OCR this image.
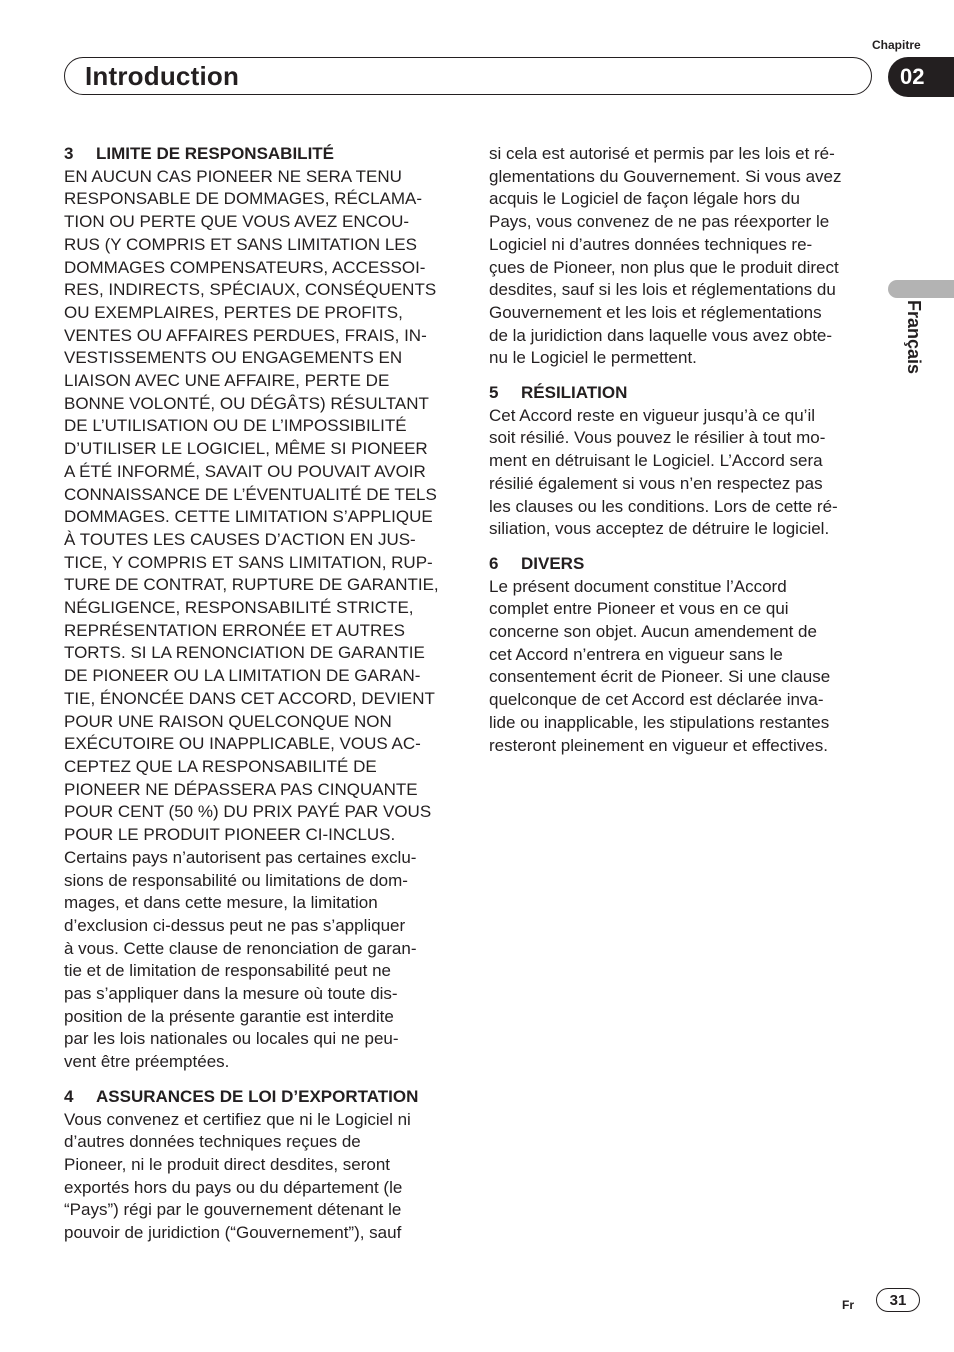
Chapitre
Introduction	02
Français
3 LIMITE DE RESPONSABILITÉ

EN AUCUN CAS PIONEER NE SERA TENU
RESPONSABLE DE DOMMAGES, RÉCLAMA-
TION OU PERTE QUE VOUS AVEZ ENCOU-
RUS (Y COMPRIS ET SANS LIMITATION LES
DOMMAGES COMPENSATEURS, ACCESSOI-
RES, INDIRECTS, SPÉCIAUX, CONSÉQUENTS
OU EXEMPLAIRES, PERTES DE PROFITS,
VENTES OU AFFAIRES PERDUES, FRAIS, IN-
VESTISSEMENTS OU ENGAGEMENTS EN
LIAISON AVEC UNE AFFAIRE, PERTE DE
BONNE VOLONTÉ, OU DÉGÂTS) RÉSULTANT
DE L’UTILISATION OU DE L’IMPOSSIBILITÉ
D’UTILISER LE LOGICIEL, MÊME SI PIONEER
A ÉTÉ INFORMÉ, SAVAIT OU POUVAIT AVOIR
CONNAISSANCE DE L’ÉVENTUALITÉ DE TELS
DOMMAGES. CETTE LIMITATION S’APPLIQUE
À TOUTES LES CAUSES D’ACTION EN JUS-
TICE, Y COMPRIS ET SANS LIMITATION, RUP-
TURE DE CONTRAT, RUPTURE DE GARANTIE,
NÉGLIGENCE, RESPONSABILITÉ STRICTE,
REPRÉSENTATION ERRONÉE ET AUTRES
TORTS. SI LA RENONCIATION DE GARANTIE
DE PIONEER OU LA LIMITATION DE GARAN-
TIE, ÉNONCÉE DANS CET ACCORD, DEVIENT
POUR UNE RAISON QUELCONQUE NON
EXÉCUTOIRE OU INAPPLICABLE, VOUS AC-
CEPTEZ QUE LA RESPONSABILITÉ DE
PIONEER NE DÉPASSERA PAS CINQUANTE
POUR CENT (50 %) DU PRIX PAYÉ PAR VOUS
POUR LE PRODUIT PIONEER CI-INCLUS.
Certains pays n’autorisent pas certaines exclu-
sions de responsabilité ou limitations de dom-
mages, et dans cette mesure, la limitation
d’exclusion ci-dessus peut ne pas s’appliquer
à vous. Cette clause de renonciation de garan-
tie et de limitation de responsabilité peut ne
pas s’appliquer dans la mesure où toute dis-
position de la présente garantie est interdite
par les lois nationales ou locales qui ne peu-
vent être préemptées.

4 ASSURANCES DE LOI D’EXPORTATION

Vous convenez et certifiez que ni le Logiciel ni
d’autres données techniques reçues de
Pioneer, ni le produit direct desdites, seront
exportés hors du pays ou du département (le
“Pays”) régi par le gouvernement détenant le
pouvoir de juridiction (“Gouvernement”), sauf

si cela est autorisé et permis par les lois et ré-
glementations du Gouvernement. Si vous avez
acquis le Logiciel de façon légale hors du
Pays, vous convenez de ne pas réexporter le
Logiciel ni d’autres données techniques re-
çues de Pioneer, non plus que le produit direct
desdites, sauf si les lois et réglementations du
Gouvernement et les lois et réglementations
de la juridiction dans laquelle vous avez obte-
nu le Logiciel le permettent.

5 RÉSILIATION

Cet Accord reste en vigueur jusqu’à ce qu’il
soit résilié. Vous pouvez le résilier à tout mo-
ment en détruisant le Logiciel. L’Accord sera
résilié également si vous n’en respectez pas
les clauses ou les conditions. Lors de cette ré-
siliation, vous acceptez de détruire le logiciel.

6 DIVERS

Le présent document constitue l’Accord
complet entre Pioneer et vous en ce qui
concerne son objet. Aucun amendement de
cet Accord n’entrera en vigueur sans le
consentement écrit de Pioneer. Si une clause
quelconque de cet Accord est déclarée inva-
lide ou inapplicable, les stipulations restantes
resteront pleinement en vigueur et effectives.

Fr	31
